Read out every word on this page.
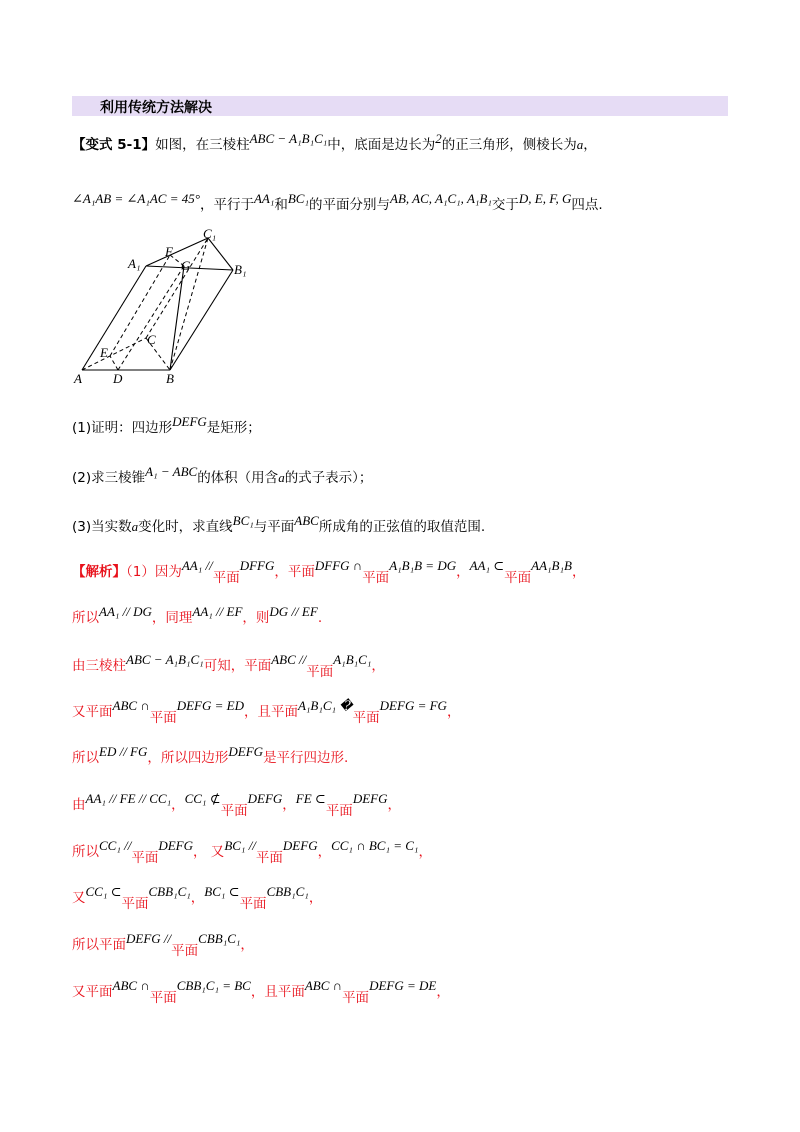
利用传统方法解决
【变式 5-1】如图，在三棱柱ABC − A₁B₁C₁中，底面是边长为2的正三角形，侧棱长为a，
∠A₁AB = ∠A₁AC = 45°，平行于AA₁和BC₁的平面分别与AB, AC, A₁C₁, A₁B₁交于D, E, F, G四点.
C₁
F
A₁	G	B₁
C
E
A D	B
(1)证明：四边形DEFG是矩形；
(2)求三棱锥A₁ − ABC的体积（用含a的式子表示）；
(3)当实数a变化时，求直线BC₁与平面ABC所成角的正弦值的取值范围.
【解析】（1）因为AA₁ //平面DFFG，平面DFFG ∩平面A₁B₁B = DG，AA₁ ⊂平面AA₁B₁B，
所以AA₁ // DG，同理AA₁ // EF，则DG // EF.
由三棱柱ABC − A₁B₁C₁可知，平面ABC //平面A₁B₁C₁，
又平面ABC ∩平面DEFG = ED，且平面A₁B₁C₁ �平面DEFG = FG，
所以ED // FG，所以四边形DEFG是平行四边形.
由AA₁ // FE // CC₁，CC₁ ⊄平面DEFG，FE ⊂平面DEFG，
所以CC₁ //平面DEFG， 又BC₁ //平面DEFG，CC₁ ∩ BC₁ = C₁，
又CC₁ ⊂平面CBB₁C₁，BC₁ ⊂平面CBB₁C₁，
所以平面DEFG //平面CBB₁C₁，
又平面ABC ∩平面CBB₁C₁ = BC，且平面ABC ∩平面DEFG = DE，
